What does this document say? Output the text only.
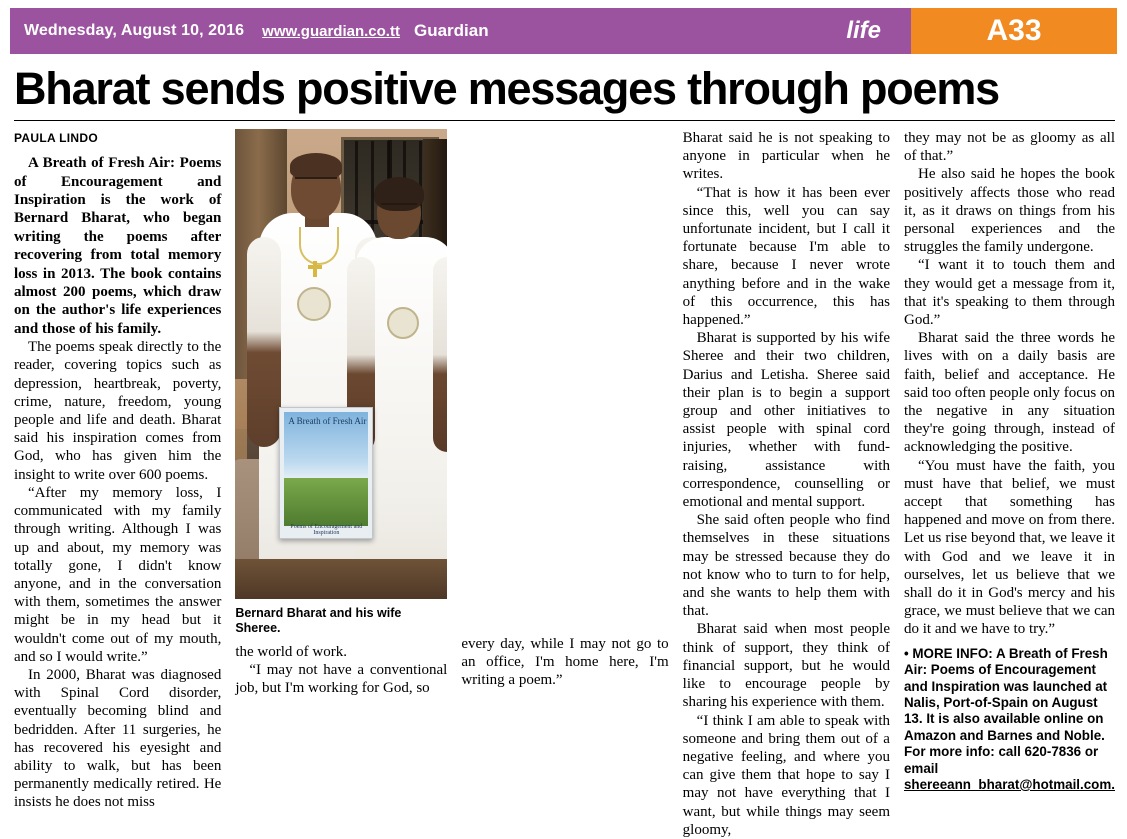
Wednesday, August 10, 2016 www.guardian.co.tt Guardian	life	A33
Bharat sends positive messages through poems
PAULA LINDO

A Breath of Fresh Air: Poems of Encouragement and Inspiration is the work of Bernard Bharat, who began writing the poems after recovering from total memory loss in 2013. The book contains almost 200 poems, which draw on the author's life experiences and those of his family.

The poems speak directly to the reader, covering topics such as depression, heartbreak, poverty, crime, nature, freedom, young people and life and death. Bharat said his inspiration comes from God, who has given him the insight to write over 600 poems.

“After my memory loss, I communicated with my family through writing. Although I was up and about, my memory was totally gone, I didn't know anyone, and in the conversation with them, sometimes the answer might be in my head but it wouldn't come out of my mouth, and so I would write.”

In 2000, Bharat was diagnosed with Spinal Cord disorder, eventually becoming blind and bedridden. After 11 surgeries, he has recovered his eyesight and ability to walk, but has been permanently medically retired. He insists he does not miss

A Breath of Fresh Air
Poems of Encouragement and Inspiration
Bernard Bharat and his wife Sheree.

the world of work.

“I may not have a conventional job, but I'm working for God, so

every day, while I may not go to an office, I'm home here, I'm writing a poem.”

Bharat said he is not speaking to anyone in particular when he writes.

“That is how it has been ever since this, well you can say unfortunate incident, but I call it fortunate because I'm able to share, because I never wrote anything before and in the wake of this occurrence, this has happened.”

Bharat is supported by his wife Sheree and their two children, Darius and Letisha. Sheree said their plan is to begin a support group and other initiatives to assist people with spinal cord injuries, whether with fund-raising, assistance with correspondence, counselling or emotional and mental support.

She said often people who find themselves in these situations may be stressed because they do not know who to turn to for help, and she wants to help them with that.

Bharat said when most people think of support, they think of financial support, but he would like to encourage people by sharing his experience with them.

“I think I am able to speak with someone and bring them out of a negative feeling, and where you can give them that hope to say I may not have everything that I want, but while things may seem gloomy,

they may not be as gloomy as all of that.”

He also said he hopes the book positively affects those who read it, as it draws on things from his personal experiences and the struggles the family undergone.

“I want it to touch them and they would get a message from it, that it's speaking to them through God.”

Bharat said the three words he lives with on a daily basis are faith, belief and acceptance. He said too often people only focus on the negative in any situation they're going through, instead of acknowledging the positive.

“You must have the faith, you must have that belief, we must accept that something has happened and move on from there. Let us rise beyond that, we leave it with God and we leave it in ourselves, let us believe that we shall do it in God's mercy and his grace, we must believe that we can do it and we have to try.”

• MORE INFO: A Breath of Fresh Air: Poems of Encouragement and Inspiration was launched at Nalis, Port-of-Spain on August 13. It is also available online on Amazon and Barnes and Noble. For more info: call 620-7836 or email shereeann_bharat@hotmail.com.
